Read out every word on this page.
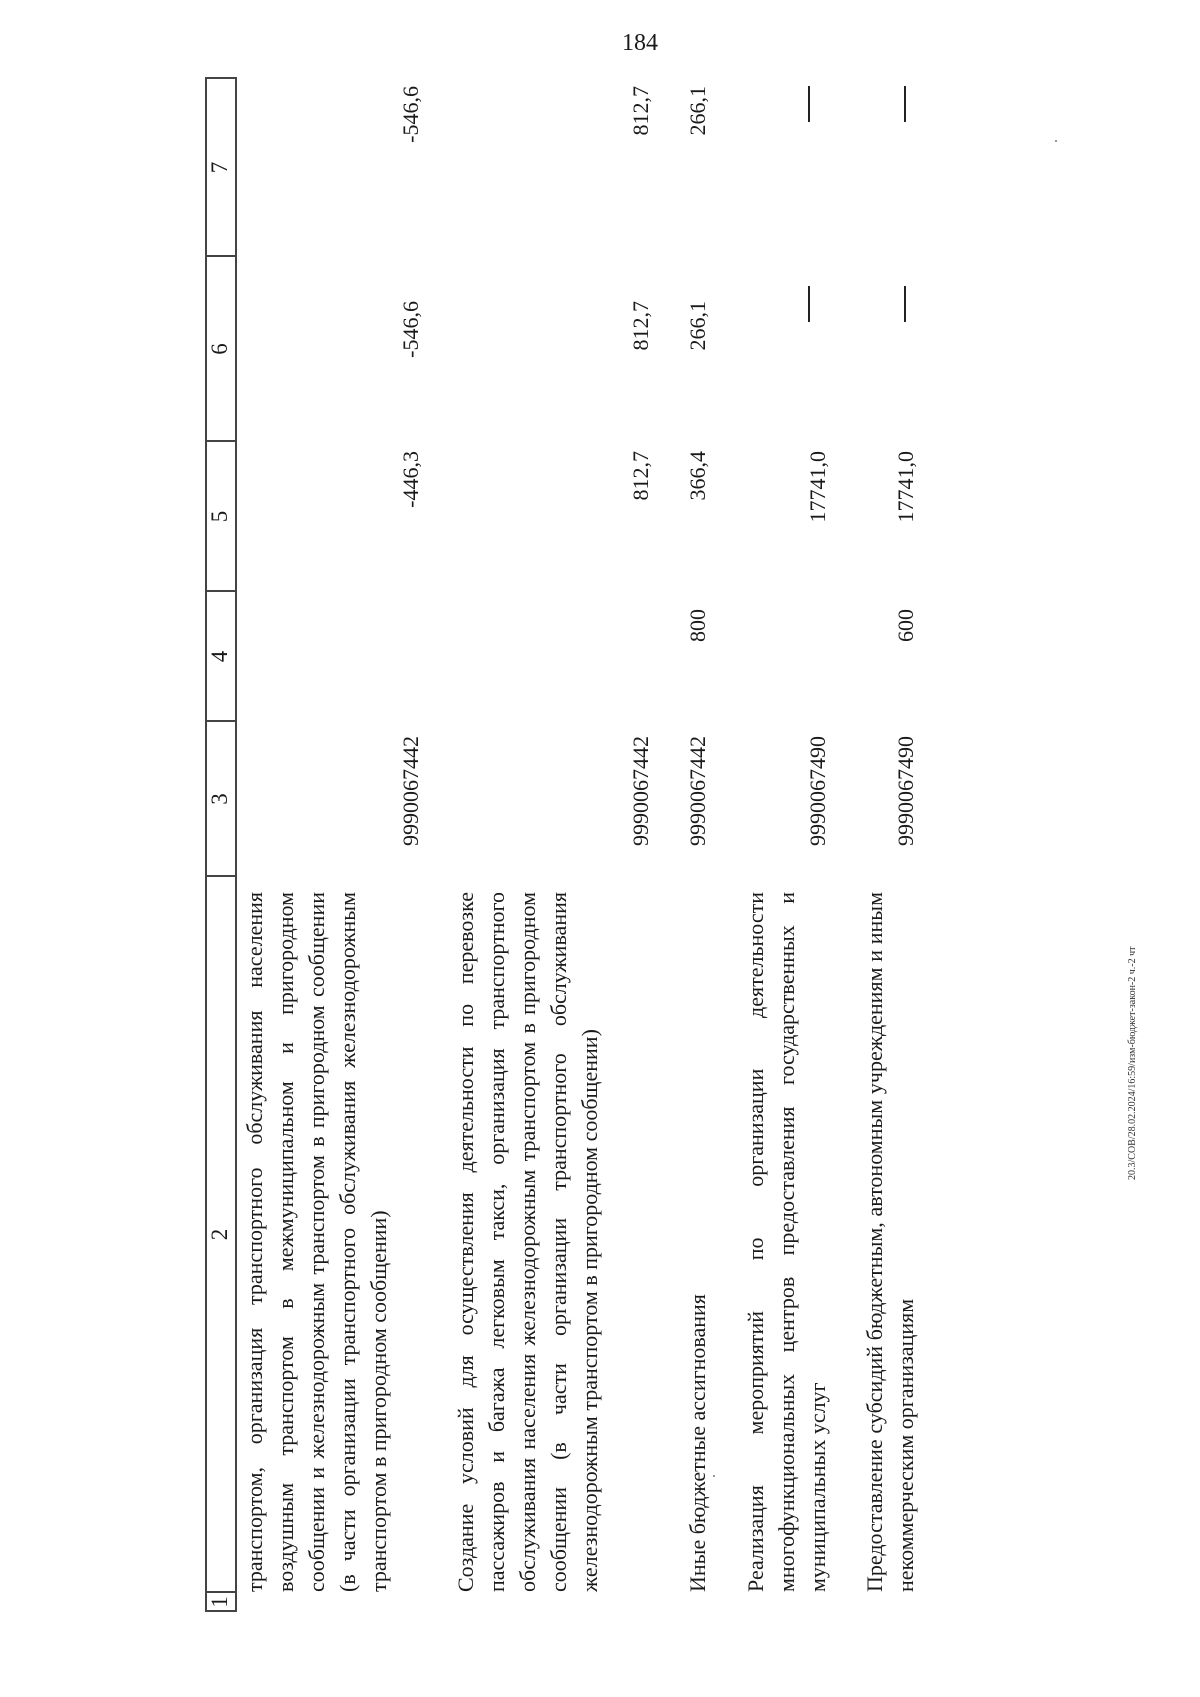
184
20.3/СОВ/28.02.2024/16:59/изм-бюджет-закон-2 ч.-2 чт
1
2
3
4
5
6
7
транспортом, организация транспортного обслуживания населения воздушным транспортом в межмуниципальном и пригородном сообщении и железнодорожным транспортом в пригородном сообщении (в части организации транспортного обслуживания железнодорожным транспортом в пригородном сообщении)
9990067442
-446,3
-546,6
-546,6
Создание условий для осуществления деятельности по перевозке пассажиров и багажа легковым такси, организация транспортного обслуживания населения железнодорожным транспортом в пригородном сообщении (в части организации транспортного обслуживания железнодорожным транспортом в пригородном сообщении)
9990067442
812,7
812,7
812,7
Иные бюджетные ассигнования
9990067442
800
366,4
266,1
266,1
Реализация мероприятий по организации деятельности многофункциональных центров предоставления государственных и муниципальных услуг
9990067490
17741,0
Предоставление субсидий бюджетным, автономным учреждениям и иным некоммерческим организациям
9990067490
600
17741,0
